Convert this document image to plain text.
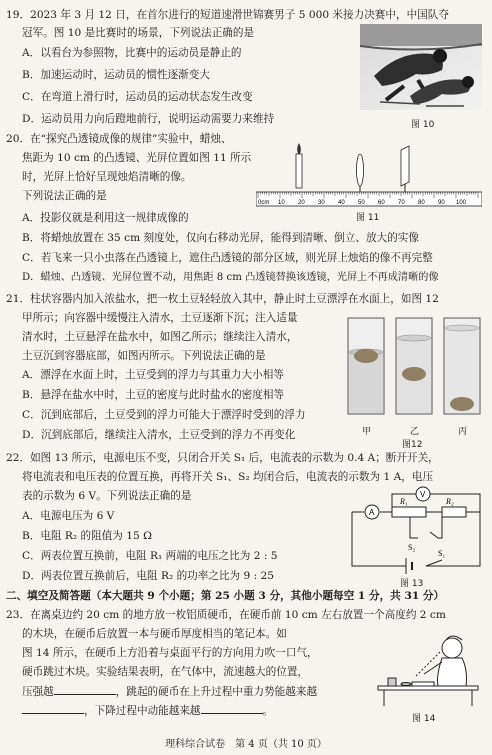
19．2023 年 3 月 12 日，在首尔进行的短道速滑世锦赛男子 5 000 米接力决赛中，中国队夺
冠军。图 10 是比赛时的场景，下列说法正确的是
A．以看台为参照物，比赛中的运动员是静止的
B．加速运动时，运动员的惯性逐渐变大
C．在弯道上滑行时，运动员的运动状态发生改变
D．运动员用力向后蹬地前行，说明运动需要力来维持	图 10
20．在“探究凸透镜成像的规律”实验中，蜡烛、
焦距为 10 cm 的凸透镜、光屏位置如图 11 所示
时，光屏上恰好呈现烛焰清晰的像。
下列说法正确的是
0cm 10 20 30 40 50 60 70 80 90 100
图 11
A．投影仪就是利用这一规律成像的
B．将蜡烛放置在 35 cm 刻度处，仅向右移动光屏，能得到清晰、倒立、放大的实像
C．若飞来一只小虫落在凸透镜上，遮住凸透镜的部分区域，则光屏上烛焰的像不再完整
D．蜡烛、凸透镜、光屏位置不动，用焦距 8 cm 凸透镜替换该透镜，光屏上不再成清晰的像
21．柱状容器内加入浓盐水，把一枚土豆轻轻放入其中，静止时土豆漂浮在水面上，如图 12
甲所示；向容器中缓慢注入清水，土豆逐渐下沉；注入适量
清水时，土豆悬浮在盐水中，如图乙所示；继续注入清水，
土豆沉到容器底部，如图丙所示。下列说法正确的是
A．漂浮在水面上时，土豆受到的浮力与其重力大小相等
B．悬浮在盐水中时，土豆的密度与此时盐水的密度相等
C．沉到底部后，土豆受到的浮力可能大于漂浮时受到的浮力
D．沉到底部后，继续注入清水，土豆受到的浮力不再变化	甲	乙	丙
图12
22．如图 13 所示，电源电压不变，只闭合开关 S₁ 后，电流表的示数为 0.4 A；断开开关，
将电流表和电压表的位置互换，再将开关 S₁、S₂ 均闭合后，电流表的示数为 1 A，电压
表的示数为 6 V。下列说法正确的是
A．电源电压为 6 V
B．电阻 R₂ 的阻值为 15 Ω
C．两表位置互换前，电阻 R₁ 两端的电压之比为 2 : 5
D．两表位置互换前后，电阻 R₂ 的功率之比为 9 : 25
A
V
R₁	R₂
S₂
S₁
图 13
二、填空及简答题（本大题共 9 个小题；第 25 小题 3 分，其他小题每空 1 分，共 31 分）
23．在离桌边约 20 cm 的地方放一枚铝质硬币，在硬币前 10 cm 左右放置一个高度约 2 cm
的木块，在硬币后放置一本与硬币厚度相当的笔记本。如
图 14 所示，在硬币上方沿着与桌面平行的方向用力吹一口气，
硬币跳过木块。实验结果表明，在气体中，流速越大的位置，
压强越	，跳起的硬币在上升过程中重力势能越来越
，下降过程中动能越来越	。
图 14
理科综合试卷　第 4 页（共 10 页）
